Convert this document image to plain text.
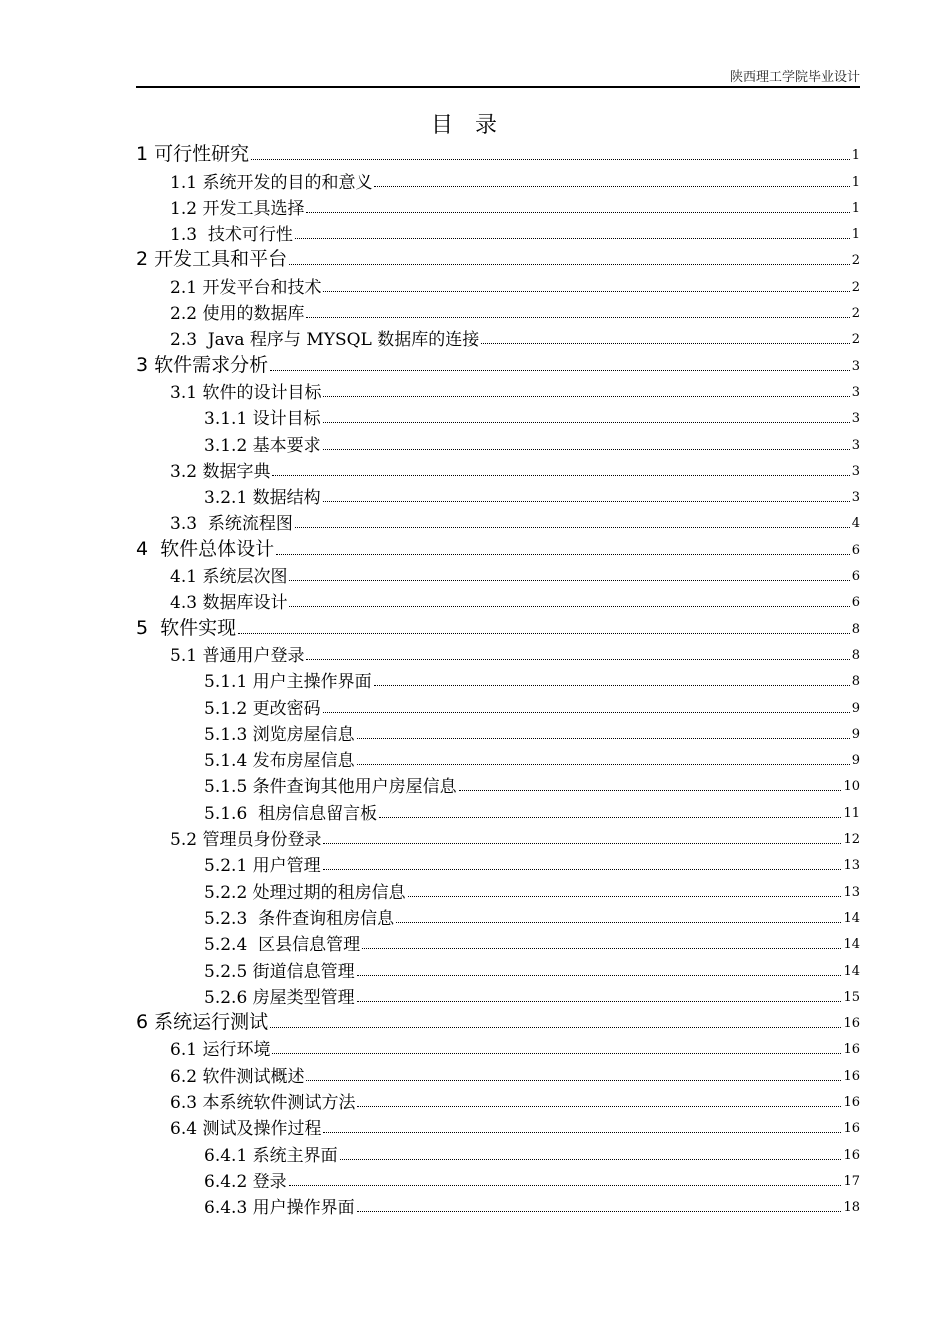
陕西理工学院毕业设计
目录
1 可行性研究	1
1.1 系统开发的目的和意义	1
1.2 开发工具选择	1
1.3  技术可行性	1
2 开发工具和平台	2
2.1 开发平台和技术	2
2.2 使用的数据库	2
2.3  Java 程序与 MYSQL 数据库的连接	2
3 软件需求分析	3
3.1 软件的设计目标	3
3.1.1 设计目标	3
3.1.2 基本要求	3
3.2 数据字典	3
3.2.1 数据结构	3
3.3  系统流程图	4
4  软件总体设计	6
4.1 系统层次图	6
4.3 数据库设计	6
5  软件实现	8
5.1 普通用户登录	8
5.1.1 用户主操作界面	8
5.1.2 更改密码	9
5.1.3 浏览房屋信息	9
5.1.4 发布房屋信息	9
5.1.5 条件查询其他用户房屋信息	10
5.1.6  租房信息留言板	11
5.2 管理员身份登录	12
5.2.1 用户管理	13
5.2.2 处理过期的租房信息	13
5.2.3  条件查询租房信息	14
5.2.4  区县信息管理	14
5.2.5 街道信息管理	14
5.2.6 房屋类型管理	15
6 系统运行测试	16
6.1 运行环境	16
6.2 软件测试概述	16
6.3 本系统软件测试方法	16
6.4 测试及操作过程	16
6.4.1 系统主界面	16
6.4.2 登录	17
6.4.3 用户操作界面	18
